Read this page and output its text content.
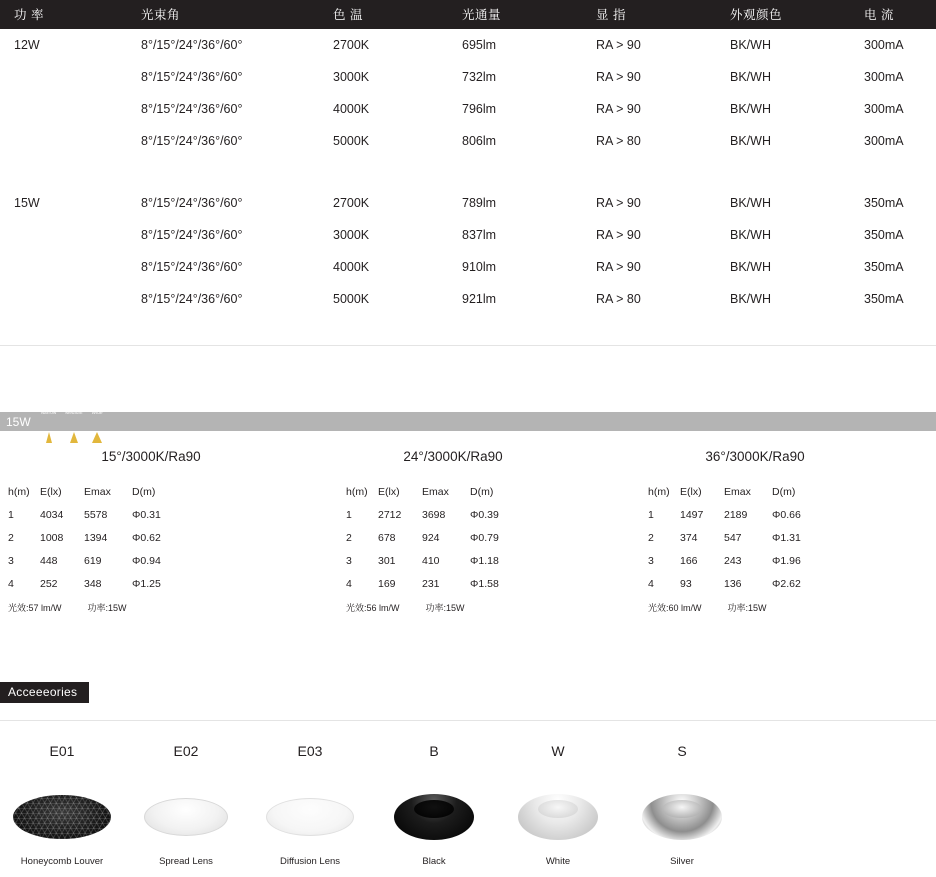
功 率	光束角	色 温	光通量	显 指	外观颜色	电 流
12W	8°/15°/24°/36°/60°	2700K	695lm	RA > 90	BK/WH	300mA
	8°/15°/24°/36°/60°	3000K	732lm	RA > 90	BK/WH	300mA
	8°/15°/24°/36°/60°	4000K	796lm	RA > 90	BK/WH	300mA
	8°/15°/24°/36°/60°	5000K	806lm	RA > 80	BK/WH	300mA

15W	8°/15°/24°/36°/60°	2700K	789lm	RA > 90	BK/WH	350mA
	8°/15°/24°/36°/60°	3000K	837lm	RA > 90	BK/WH	350mA
	8°/15°/24°/36°/60°	4000K	910lm	RA > 90	BK/WH	350mA
	8°/15°/24°/36°/60°	5000K	921lm	RA > 80	BK/WH	350mA

15W
Narrow Medium Wide
15°/3000K/Ra90
h(m)	E(lx)	Emax	D(m)
1	4034	5578	Φ0.31
2	1008	1394	Φ0.62
3	448	619	Φ0.94
4	252	348	Φ1.25
光效:57 lm/W	功率:15W
24°/3000K/Ra90
h(m)	E(lx)	Emax	D(m)
1	2712	3698	Φ0.39
2	678	924	Φ0.79
3	301	410	Φ1.18
4	169	231	Φ1.58
光效:56 lm/W	功率:15W
36°/3000K/Ra90
h(m)	E(lx)	Emax	D(m)
1	1497	2189	Φ0.66
2	374	547	Φ1.31
3	166	243	Φ1.96
4	93	136	Φ2.62
光效:60 lm/W	功率:15W
Acceeeories
E01
Honeycomb Louver
E02
Spread Lens
E03
Diffusion Lens
B
Black
W
White
S
Silver
